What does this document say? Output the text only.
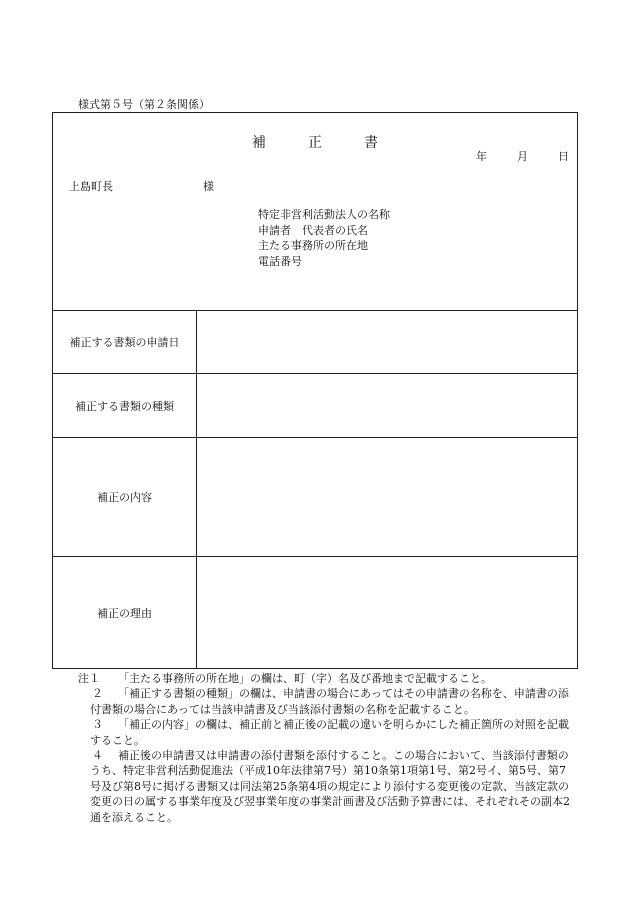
様式第５号（第２条関係）
補　正　書
年	月	日
上島町長	様
特定非営利活動法人の名称
申請者　代表者の氏名
主たる事務所の所在地
電話番号
補正する書類の申請日
補正する書類の種類
補正の内容
補正の理由
注１ 「主たる事務所の所在地」の欄は、町（字）名及び番地まで記載すること。
２	「補正する書類の種類」の欄は、申請書の場合にあってはその申請書の名称を、申請書の添付書類の場合にあっては当該申請書及び当該添付書類の名称を記載すること。
３	「補正の内容」の欄は、補正前と補正後の記載の違いを明らかにした補正箇所の対照を記載すること。
４	補正後の申請書又は申請書の添付書類を添付すること。この場合において、当該添付書類のうち、特定非営利活動促進法（平成10年法律第7号）第10条第1項第1号、第2号イ、第5号、第7号及び第8号に掲げる書類又は同法第25条第4項の規定により添付する変更後の定款、当該定款の変更の日の属する事業年度及び翌事業年度の事業計画書及び活動予算書には、それぞれその副本2通を添えること。
